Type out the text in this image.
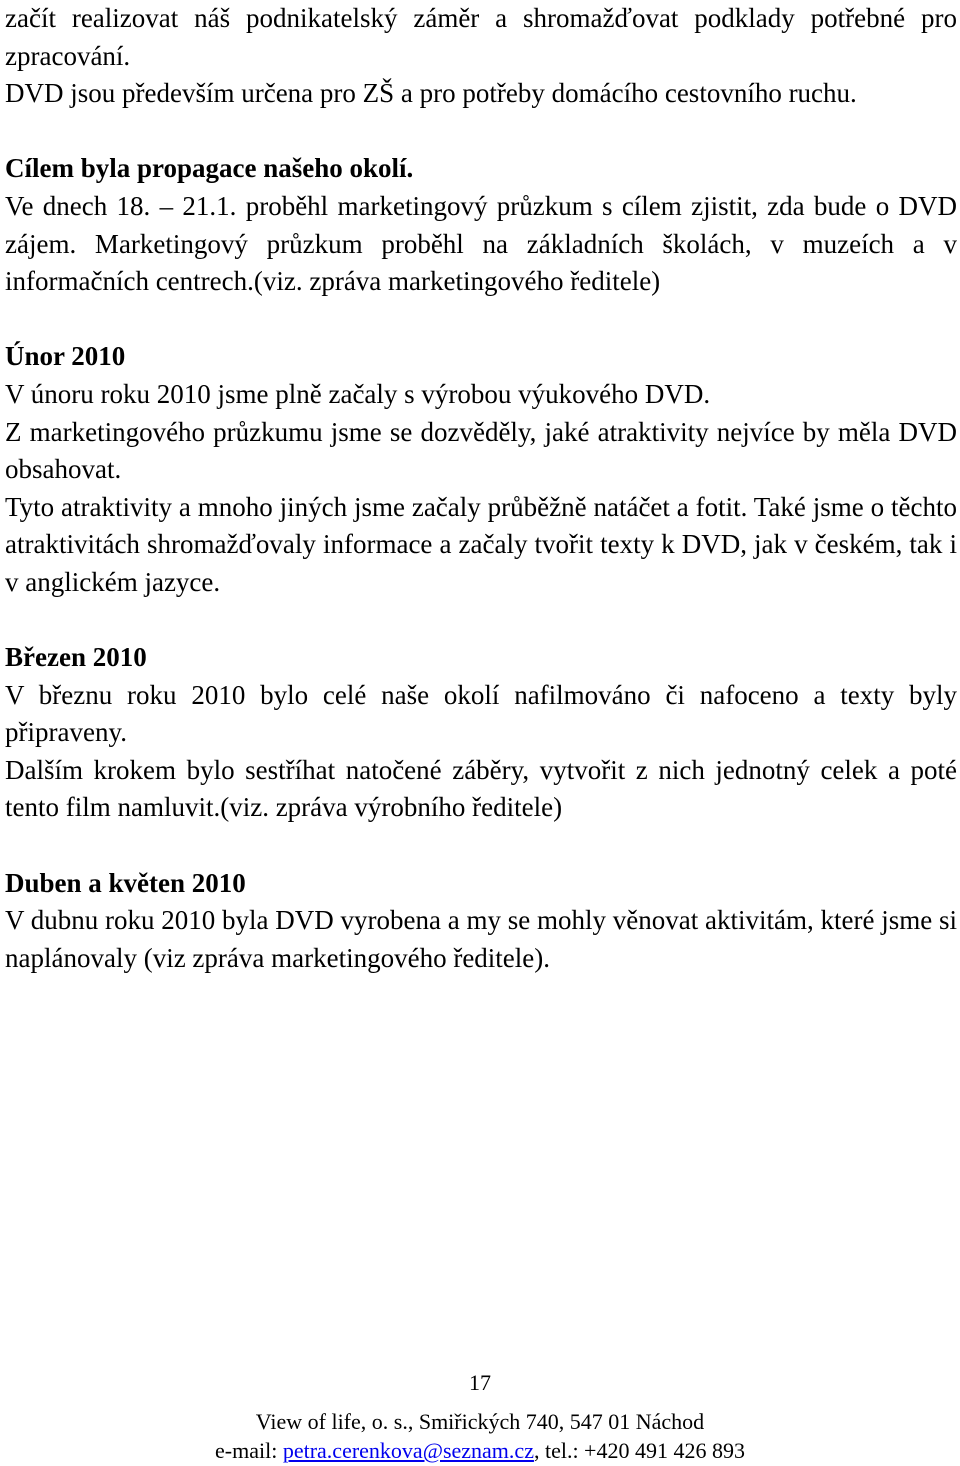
začít realizovat náš podnikatelský záměr a shromažďovat podklady potřebné pro zpracování.

DVD jsou především určena pro ZŠ a pro potřeby domácího cestovního ruchu.

Cílem byla propagace našeho okolí.

Ve dnech 18. – 21.1. proběhl marketingový průzkum s cílem zjistit, zda bude o DVD zájem. Marketingový průzkum proběhl na základních školách, v muzeích a v informačních centrech.(viz. zpráva marketingového ředitele)

Únor 2010

V únoru roku 2010 jsme plně začaly s výrobou výukového DVD.

Z marketingového průzkumu jsme se dozvěděly, jaké atraktivity nejvíce by měla DVD obsahovat.

Tyto atraktivity a mnoho jiných jsme začaly průběžně natáčet a fotit. Také jsme o těchto atraktivitách shromažďovaly informace a začaly tvořit texty k DVD, jak v českém, tak i v anglickém jazyce.

Březen 2010

V březnu roku 2010 bylo celé naše okolí nafilmováno či nafoceno a texty byly připraveny.

Dalším krokem bylo sestříhat natočené záběry, vytvořit z nich jednotný celek a poté tento film namluvit.(viz. zpráva výrobního ředitele)

Duben a květen 2010

V dubnu roku 2010 byla DVD vyrobena a my se mohly věnovat aktivitám, které jsme si naplánovaly (viz zpráva marketingového ředitele).

17
View of life, o. s., Smiřických 740, 547 01 Náchod
e-mail: petra.cerenkova@seznam.cz, tel.: +420 491 426 893
